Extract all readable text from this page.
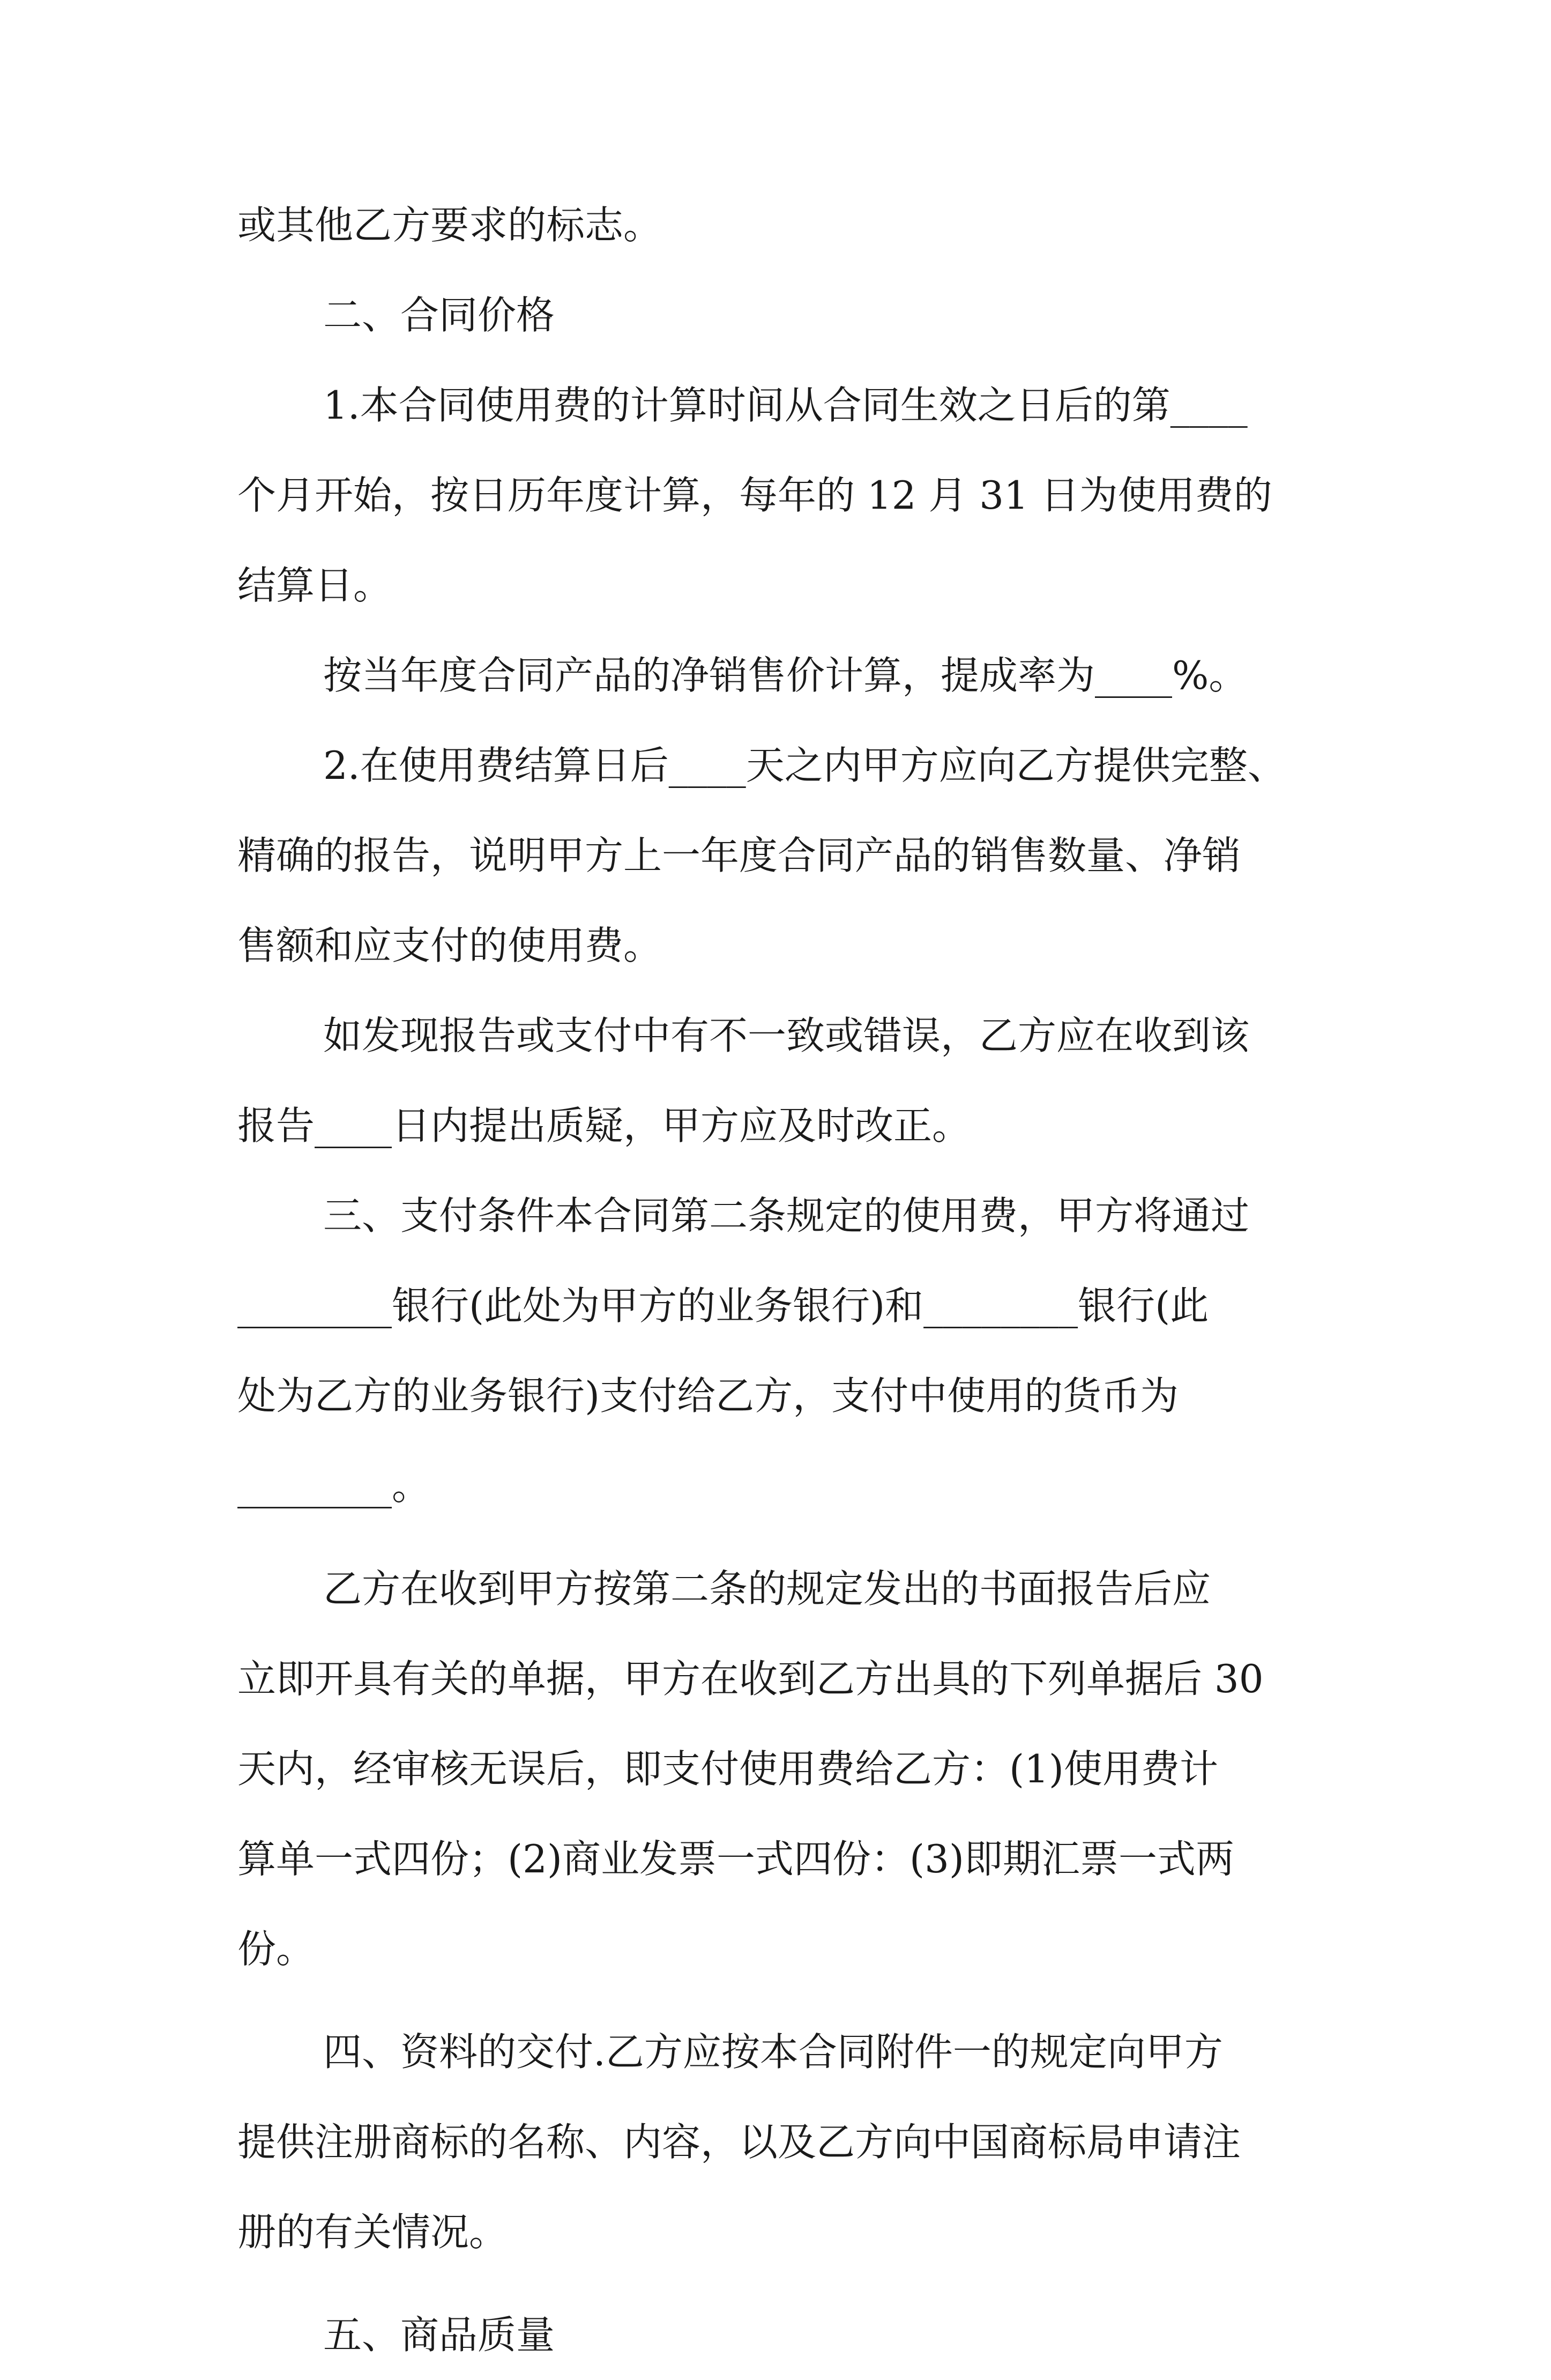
或其他乙方要求的标志。
二、合同价格
1.本合同使用费的计算时间从合同生效之日后的第____
个月开始，按日历年度计算，每年的 12 月 31 日为使用费的
结算日。
按当年度合同产品的净销售价计算，提成率为____%。
2.在使用费结算日后____天之内甲方应向乙方提供完整、
精确的报告，说明甲方上一年度合同产品的销售数量、净销
售额和应支付的使用费。
如发现报告或支付中有不一致或错误，乙方应在收到该
报告____日内提出质疑，甲方应及时改正。
三、支付条件本合同第二条规定的使用费，甲方将通过
________银行(此处为甲方的业务银行)和________银行(此
处为乙方的业务银行)支付给乙方，支付中使用的货币为
________。
乙方在收到甲方按第二条的规定发出的书面报告后应
立即开具有关的单据，甲方在收到乙方出具的下列单据后 30
天内，经审核无误后，即支付使用费给乙方：(1)使用费计
算单一式四份；(2)商业发票一式四份：(3)即期汇票一式两
份。
四、资料的交付.乙方应按本合同附件一的规定向甲方
提供注册商标的名称、内容，以及乙方向中国商标局申请注
册的有关情况。
五、商品质量
